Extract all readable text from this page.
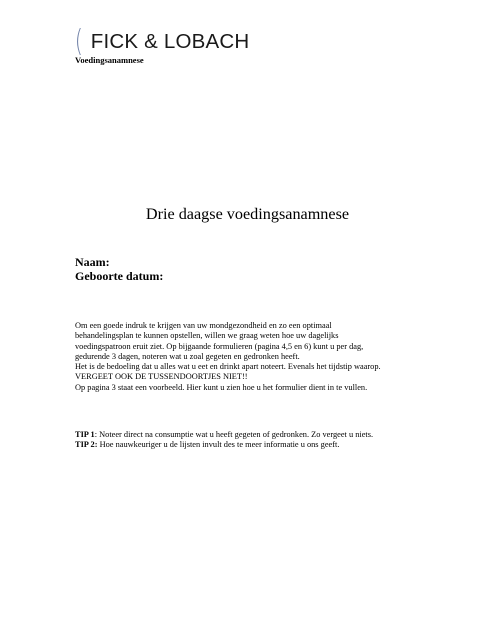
( FICK & LOBACH
Voedingsanamnese
Drie daagse voedingsanamnese
Naam:
Geboorte datum:
Om een goede indruk te krijgen van uw mondgezondheid en zo een optimaal
behandelingsplan te kunnen opstellen, willen we graag weten hoe uw dagelijks
voedingspatroon eruit ziet. Op bijgaande formulieren (pagina 4,5 en 6) kunt u per dag,
gedurende 3 dagen, noteren wat u zoal gegeten en gedronken heeft.
Het is de bedoeling dat u alles wat u eet en drinkt apart noteert. Evenals het tijdstip waarop.
VERGEET OOK DE TUSSENDOORTJES NIET!!
Op pagina 3 staat een voorbeeld. Hier kunt u zien hoe u het formulier dient in te vullen.
TIP 1: Noteer direct na consumptie wat u heeft gegeten of gedronken. Zo vergeet u niets.
TIP 2: Hoe nauwkeuriger u de lijsten invult des te meer informatie u ons geeft.
